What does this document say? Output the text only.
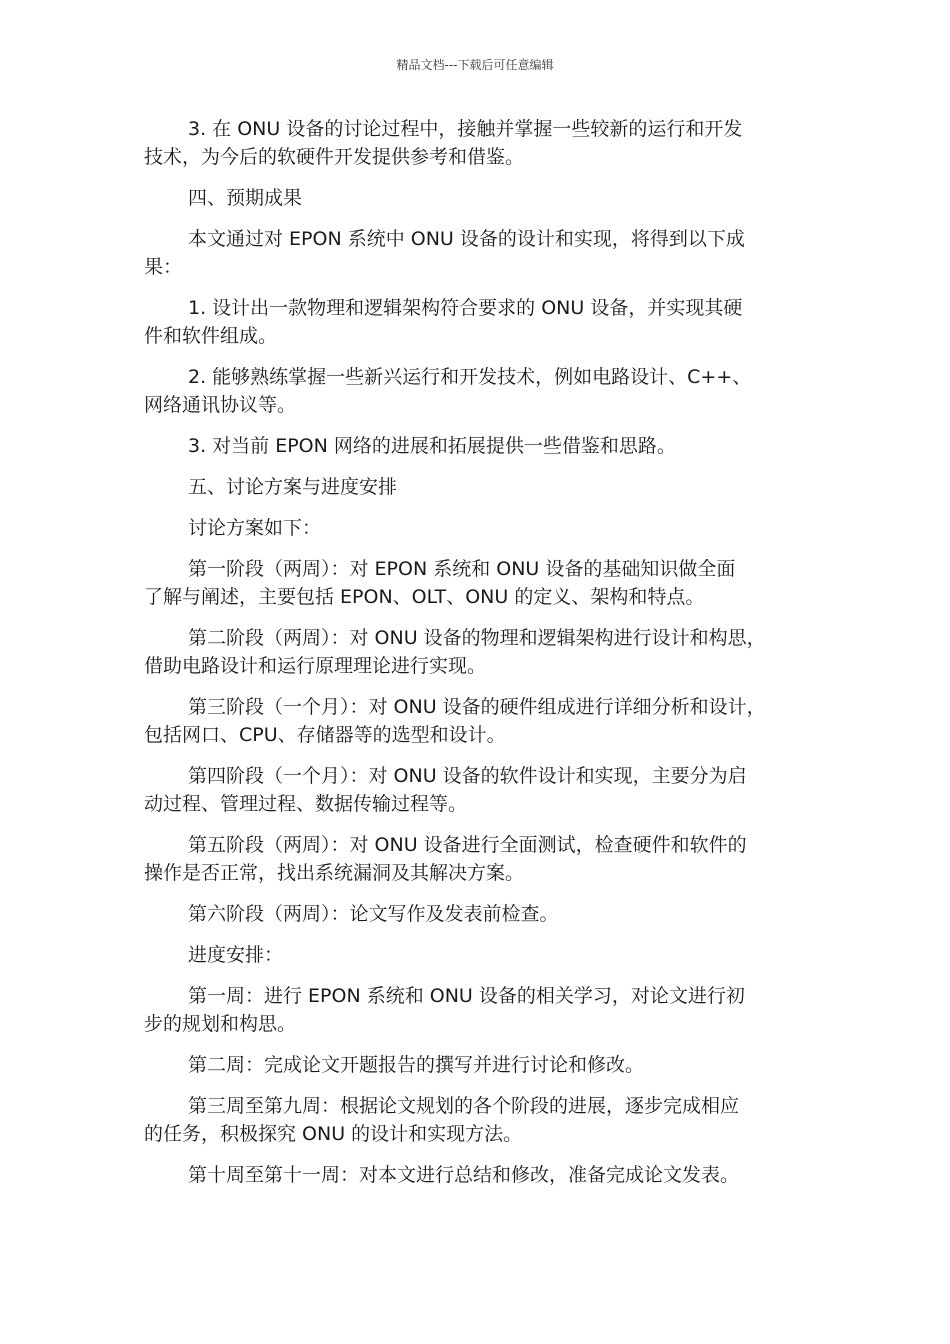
精品文档---下载后可任意编辑

3. 在 ONU 设备的讨论过程中，接触并掌握一些较新的运行和开发
技术，为今后的软硬件开发提供参考和借鉴。

四、预期成果

本文通过对 EPON 系统中 ONU 设备的设计和实现，将得到以下成
果：

1. 设计出一款物理和逻辑架构符合要求的 ONU 设备，并实现其硬
件和软件组成。

2. 能够熟练掌握一些新兴运行和开发技术，例如电路设计、C++、
网络通讯协议等。

3. 对当前 EPON 网络的进展和拓展提供一些借鉴和思路。

五、讨论方案与进度安排

讨论方案如下：

第一阶段（两周）：对 EPON 系统和 ONU 设备的基础知识做全面
了解与阐述，主要包括 EPON、OLT、ONU 的定义、架构和特点。

第二阶段（两周）：对 ONU 设备的物理和逻辑架构进行设计和构思，
借助电路设计和运行原理理论进行实现。

第三阶段（一个月）：对 ONU 设备的硬件组成进行详细分析和设计，
包括网口、CPU、存储器等的选型和设计。

第四阶段（一个月）：对 ONU 设备的软件设计和实现，主要分为启
动过程、管理过程、数据传输过程等。

第五阶段（两周）：对 ONU 设备进行全面测试，检查硬件和软件的
操作是否正常，找出系统漏洞及其解决方案。

第六阶段（两周）：论文写作及发表前检查。

进度安排：

第一周：进行 EPON 系统和 ONU 设备的相关学习，对论文进行初
步的规划和构思。

第二周：完成论文开题报告的撰写并进行讨论和修改。

第三周至第九周：根据论文规划的各个阶段的进展，逐步完成相应
的任务，积极探究 ONU 的设计和实现方法。

第十周至第十一周：对本文进行总结和修改，准备完成论文发表。
